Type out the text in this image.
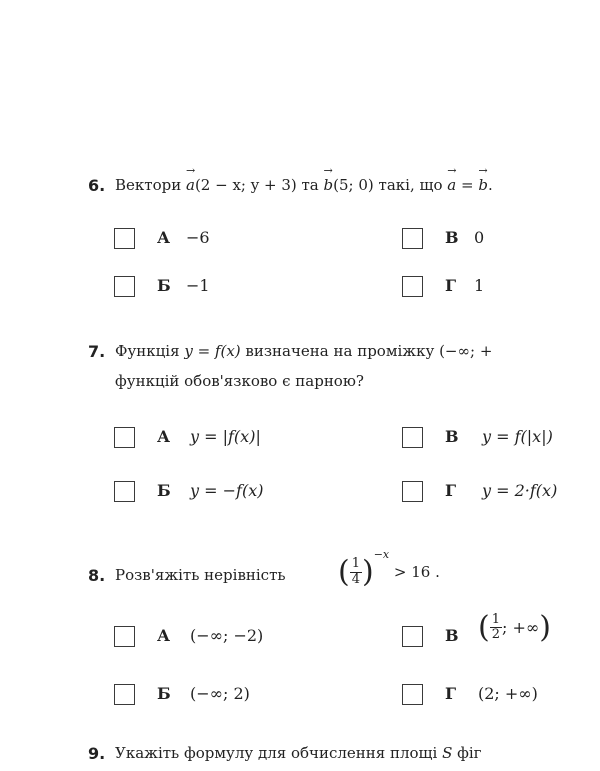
6. Вектори → a(2 − x; y + 3) та → b(5; 0) такі, що → a = → b.
А −6	В 0
Б −1	Г 1
7. Функція y = f(x) визначена на проміжку (−∞; +
функцій обов'язково є парною?
А y = |f(x)|	В y = f(|x|)
Б y = −f(x)	Г y = 2·f(x)
8. Розв'яжіть нерівність ( $\frac{1}{4} )^{-x} > 16$ .
А (−∞; −2)	В ( $\frac{1}{2}$ ; +∞)
Б (−∞; 2)	Г (2; +∞)
9. Укажіть формулу для обчислення площі S фіг
